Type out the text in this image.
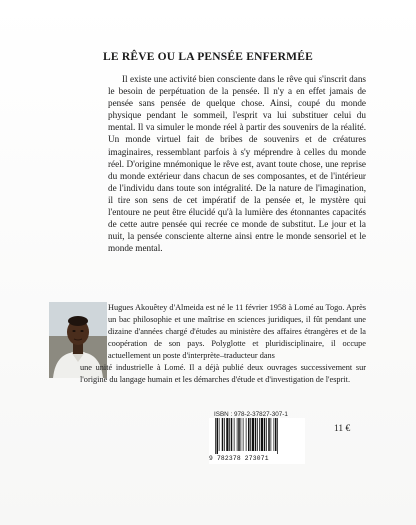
LE RÊVE OU LA PENSÉE ENFERMÉE

Il existe une activité bien consciente dans le rêve qui s'inscrit dans le besoin de perpétuation de la pensée. Il n'y a en effet jamais de pensée sans pensée de quelque chose. Ainsi, coupé du monde physique pendant le sommeil, l'esprit va lui substituer celui du mental. Il va simuler le monde réel à partir des souvenirs de la réalité. Un monde virtuel fait de bribes de souvenirs et de créatures imaginaires, ressemblant parfois à s'y méprendre à celles du monde réel. D'origine mnémonique le rêve est, avant toute chose, une reprise du monde extérieur dans chacun de ses composantes, et de l'intérieur de l'individu dans toute son intégralité. De la nature de l'imagination, il tire son sens de cet impératif de la pensée et, le mystère qui l'entoure ne peut être élucidé qu'à la lumière des étonnantes capacités de cette autre pensée qui recrée ce monde de substitut. Le jour et la nuit, la pensée consciente alterne ainsi entre le monde sensoriel et le monde mental.

Hugues Akouêtey d'Almeida est né le 11 février 1958 à Lomé au Togo. Après un bac philosophie et une maîtrise en sciences juridiques, il fût pendant une dizaine d'années chargé d'études au ministère des affaires étrangères et de la coopération de son pays. Polyglotte et pluridisciplinaire, il occupe actuellement un poste d'interprète–traducteur dans
une unité industrielle à Lomé. Il a déjà publié deux ouvrages successivement sur l'origine du langage humain et les démarches d'étude et d'investigation de l'esprit.

ISBN : 978-2-37827-307-1
9 782378 273071
11 €
